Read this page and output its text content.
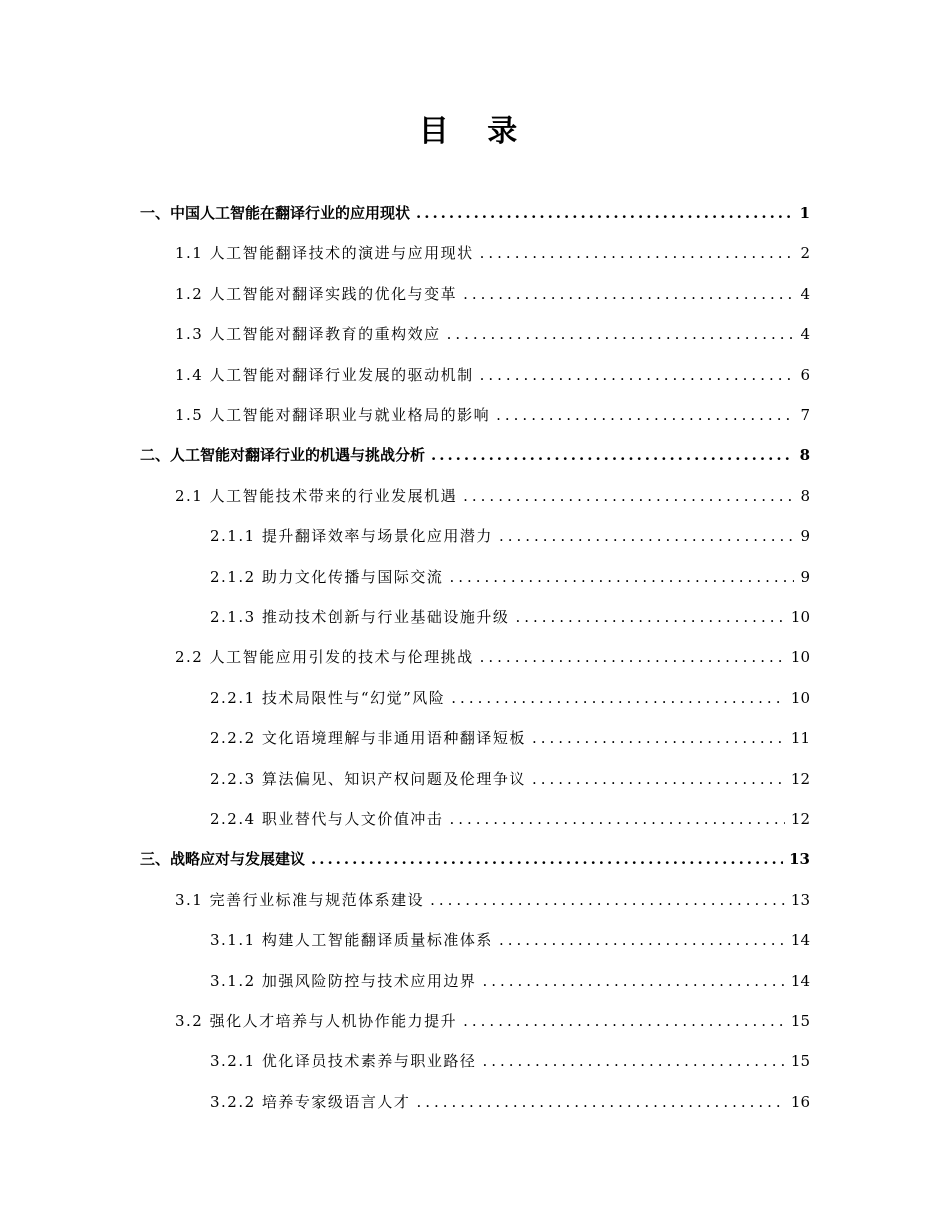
目 录
一、中国人工智能在翻译行业的应用现状 .....	1
1.1 人工智能翻译技术的演进与应用现状 .....	2
1.2 人工智能对翻译实践的优化与变革 .....	4
1.3 人工智能对翻译教育的重构效应 .....	4
1.4 人工智能对翻译行业发展的驱动机制 .....	6
1.5 人工智能对翻译职业与就业格局的影响 .....	7
二、人工智能对翻译行业的机遇与挑战分析 .....	8
2.1 人工智能技术带来的行业发展机遇 .....	8
2.1.1 提升翻译效率与场景化应用潜力 .....	9
2.1.2 助力文化传播与国际交流 .....	9
2.1.3 推动技术创新与行业基础设施升级 .....	10
2.2 人工智能应用引发的技术与伦理挑战 .....	10
2.2.1 技术局限性与“幻觉”风险 .....	10
2.2.2 文化语境理解与非通用语种翻译短板 .....	11
2.2.3 算法偏见、知识产权问题及伦理争议 .....	12
2.2.4 职业替代与人文价值冲击 .....	12
三、战略应对与发展建议 .....	13
3.1 完善行业标准与规范体系建设 .....	13
3.1.1 构建人工智能翻译质量标准体系 .....	14
3.1.2 加强风险防控与技术应用边界 .....	14
3.2 强化人才培养与人机协作能力提升 .....	15
3.2.1 优化译员技术素养与职业路径 .....	15
3.2.2 培养专家级语言人才 .....	16
